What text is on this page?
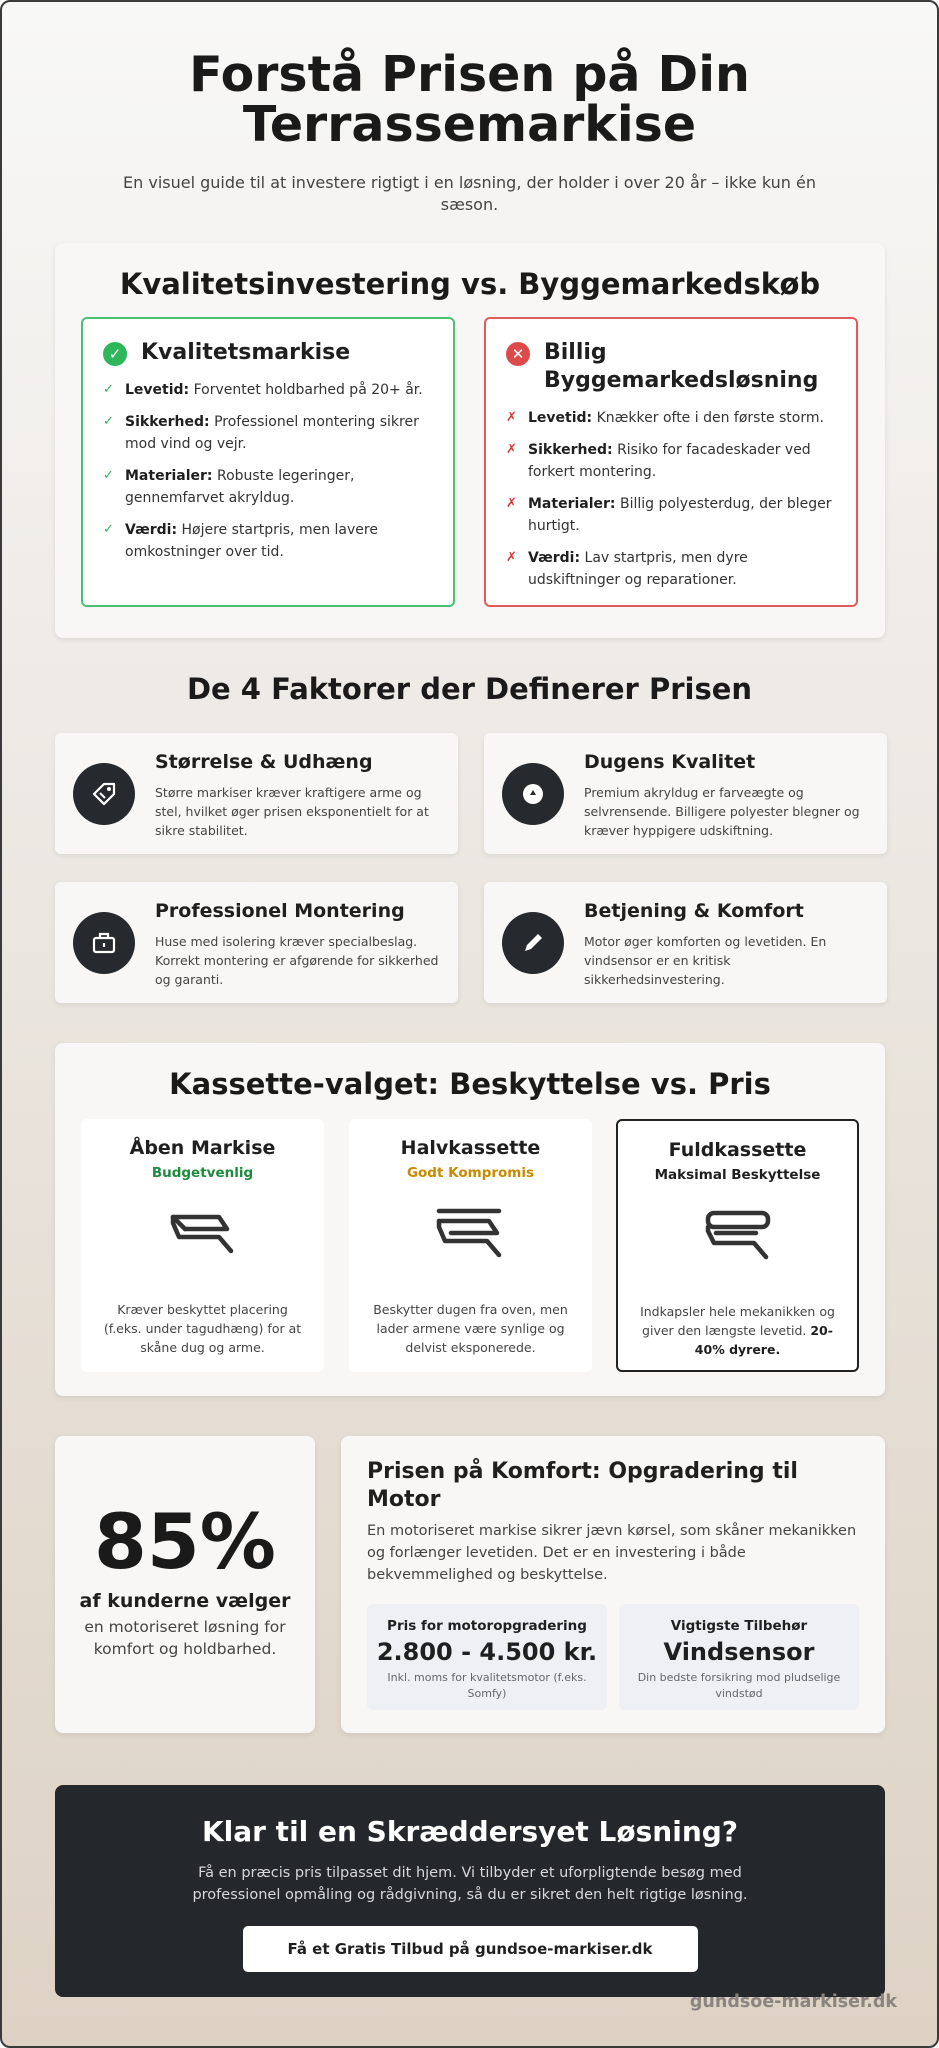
Forstå Prisen på Din Terrassemarkise

En visuel guide til at investere rigtigt i en løsning, der holder i over 20 år – ikke kun én sæson.

Kvalitetsinvestering vs. Byggemarkedskøb
✓ Kvalitetsmarkise
✓ Levetid: Forventet holdbarhed på 20+ år.
✓ Sikkerhed: Professionel montering sikrer mod vind og vejr.
✓ Materialer: Robuste legeringer, gennemfarvet akryldug.
✓ Værdi: Højere startpris, men lavere omkostninger over tid.
✕ Billig Byggemarkedsløsning
✗ Levetid: Knækker ofte i den første storm.
✗ Sikkerhed: Risiko for facadeskader ved forkert montering.
✗ Materialer: Billig polyesterdug, der bleger hurtigt.
✗ Værdi: Lav startpris, men dyre udskiftninger og reparationer.
De 4 Faktorer der Definerer Prisen
Størrelse & Udhæng
Større markiser kræver kraftigere arme og stel, hvilket øger prisen eksponentielt for at sikre stabilitet.
Dugens Kvalitet
Premium akryldug er farveægte og selvrensende. Billigere polyester blegner og kræver hyppigere udskiftning.
Professionel Montering
Huse med isolering kræver specialbeslag. Korrekt montering er afgørende for sikkerhed og garanti.
Betjening & Komfort
Motor øger komforten og levetiden. En vindsensor er en kritisk sikkerhedsinvestering.
Kassette-valget: Beskyttelse vs. Pris
Åben Markise
Budgetvenlig
Kræver beskyttet placering (f.eks. under tagudhæng) for at skåne dug og arme.
Halvkassette
Godt Kompromis
Beskytter dugen fra oven, men lader armene være synlige og delvist eksponerede.
Fuldkassette
Maksimal Beskyttelse
Indkapsler hele mekanikken og giver den længste levetid. 20-40% dyrere.
85%
af kunderne vælger
en motoriseret løsning for komfort og holdbarhed.
Prisen på Komfort: Opgradering til Motor
En motoriseret markise sikrer jævn kørsel, som skåner mekanikken og forlænger levetiden. Det er en investering i både bekvemmelighed og beskyttelse.
Pris for motoropgradering
2.800 - 4.500 kr.
Inkl. moms for kvalitetsmotor (f.eks. Somfy)
Vigtigste Tilbehør
Vindsensor
Din bedste forsikring mod pludselige vindstød
Klar til en Skræddersyet Løsning?
Få en præcis pris tilpasset dit hjem. Vi tilbyder et uforpligtende besøg med professionel opmåling og rådgivning, så du er sikret den helt rigtige løsning.
Få et Gratis Tilbud på gundsoe-markiser.dk
gundsoe-markiser.dk
